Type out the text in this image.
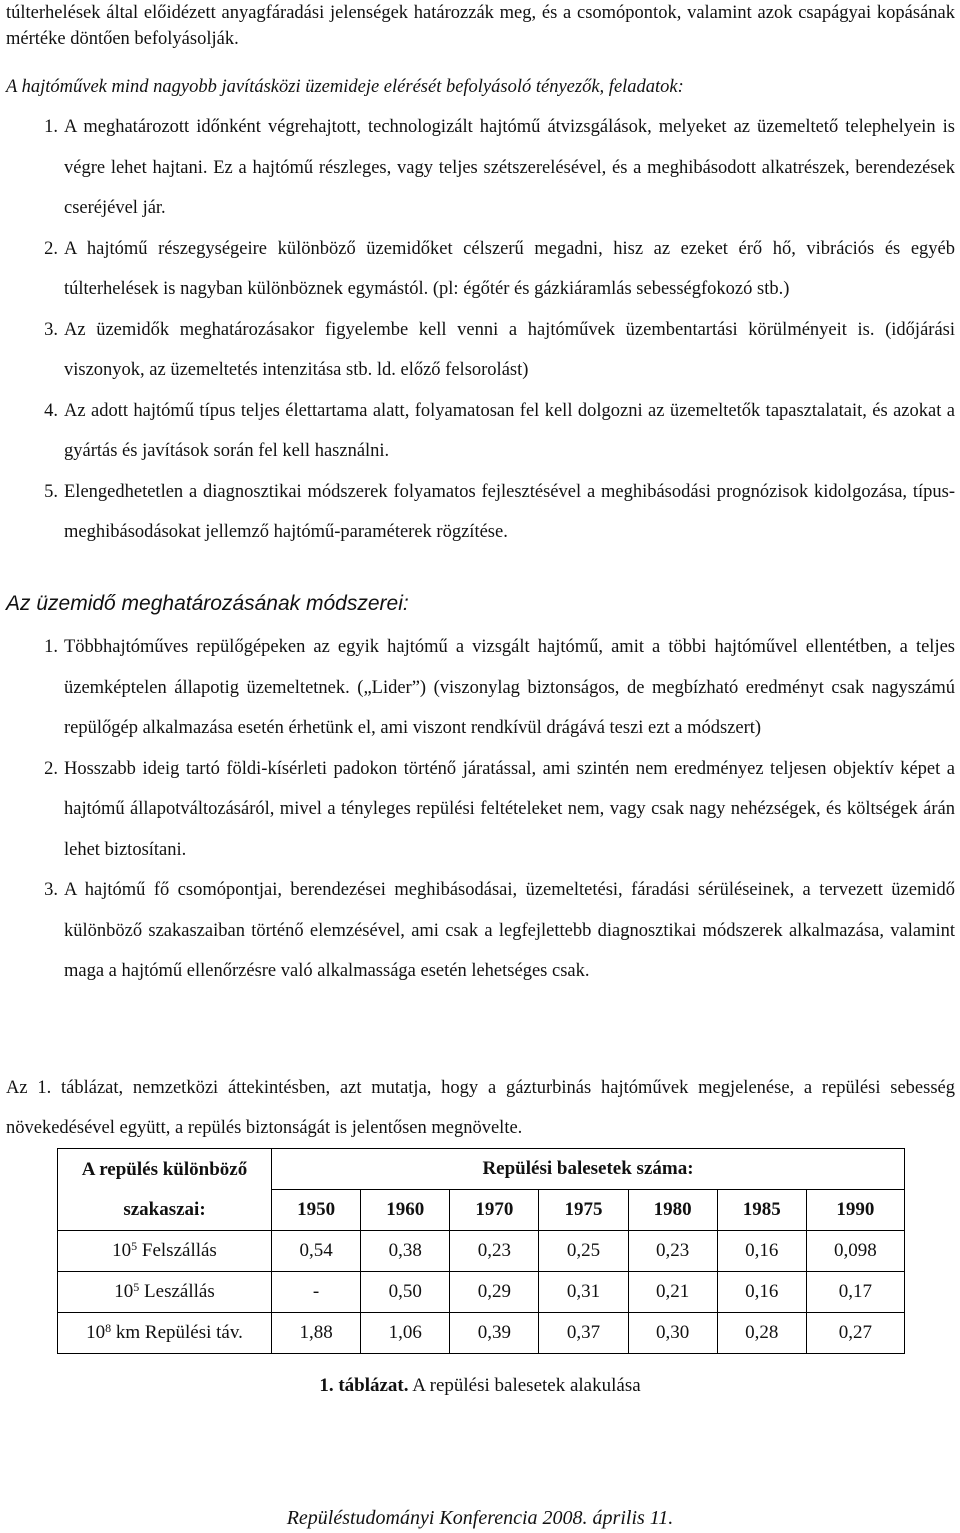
túlterhelések által előidézett anyagfáradási jelenségek határozzák meg, és a csomópontok, valamint azok csapágyai kopásának mértéke döntően befolyásolják.

A hajtóművek mind nagyobb javításközi üzemideje elérését befolyásoló tényezők, feladatok:

1. A meghatározott időnként végrehajtott, technologizált hajtómű átvizsgálások, melyeket az üzemeltető telephelyein is végre lehet hajtani. Ez a hajtómű részleges, vagy teljes szétszerelésével, és a meghibásodott alkatrészek, berendezések cseréjével jár.
2. A hajtómű részegységeire különböző üzemidőket célszerű megadni, hisz az ezeket érő hő, vibrációs és egyéb túlterhelések is nagyban különböznek egymástól. (pl: égőtér és gázkiáramlás sebességfokozó stb.)
3. Az üzemidők meghatározásakor figyelembe kell venni a hajtóművek üzembentartási körülményeit is. (időjárási viszonyok, az üzemeltetés intenzitása stb. ld. előző felsorolást)
4. Az adott hajtómű típus teljes élettartama alatt, folyamatosan fel kell dolgozni az üzemeltetők tapasztalatait, és azokat a gyártás és javítások során fel kell használni.
5. Elengedhetetlen a diagnosztikai módszerek folyamatos fejlesztésével a meghibásodási prognózisok kidolgozása, típus-meghibásodásokat jellemző hajtómű-paraméterek rögzítése.
Az üzemidő meghatározásának módszerei:
1. Többhajtóműves repülőgépeken az egyik hajtómű a vizsgált hajtómű, amit a többi hajtóművel ellentétben, a teljes üzemképtelen állapotig üzemeltetnek. („Lider”) (viszonylag biztonságos, de megbízható eredményt csak nagyszámú repülőgép alkalmazása esetén érhetünk el, ami viszont rendkívül drágává teszi ezt a módszert)
2. Hosszabb ideig tartó földi-kísérleti padokon történő járatással, ami szintén nem eredményez teljesen objektív képet a hajtómű állapotváltozásáról, mivel a tényleges repülési feltételeket nem, vagy csak nagy nehézségek, és költségek árán lehet biztosítani.
3. A hajtómű fő csomópontjai, berendezései meghibásodásai, üzemeltetési, fáradási sérüléseinek, a tervezett üzemidő különböző szakaszaiban történő elemzésével, ami csak a legfejlettebb diagnosztikai módszerek alkalmazása, valamint maga a hajtómű ellenőrzésre való alkalmassága esetén lehetséges csak.

Az 1. táblázat, nemzetközi áttekintésben, azt mutatja, hogy a gázturbinás hajtóművek megjelenése, a repülési sebesség növekedésével együtt, a repülés biztonságát is jelentősen megnövelte.

A repülés különböző szakaszai:	Repülési balesetek száma:						
	1950	1960	1970	1975	1980	1985	1990
$10^5$ Felszállás	0,54	0,38	0,23	0,25	0,23	0,16	0,098
$10^5$ Leszállás	-	0,50	0,29	0,31	0,21	0,16	0,17
$10^8$ km Repülési táv.	1,88	1,06	0,39	0,37	0,30	0,28	0,27
1. táblázat. A repülési balesetek alakulása
Repüléstudományi Konferencia 2008. április 11.
